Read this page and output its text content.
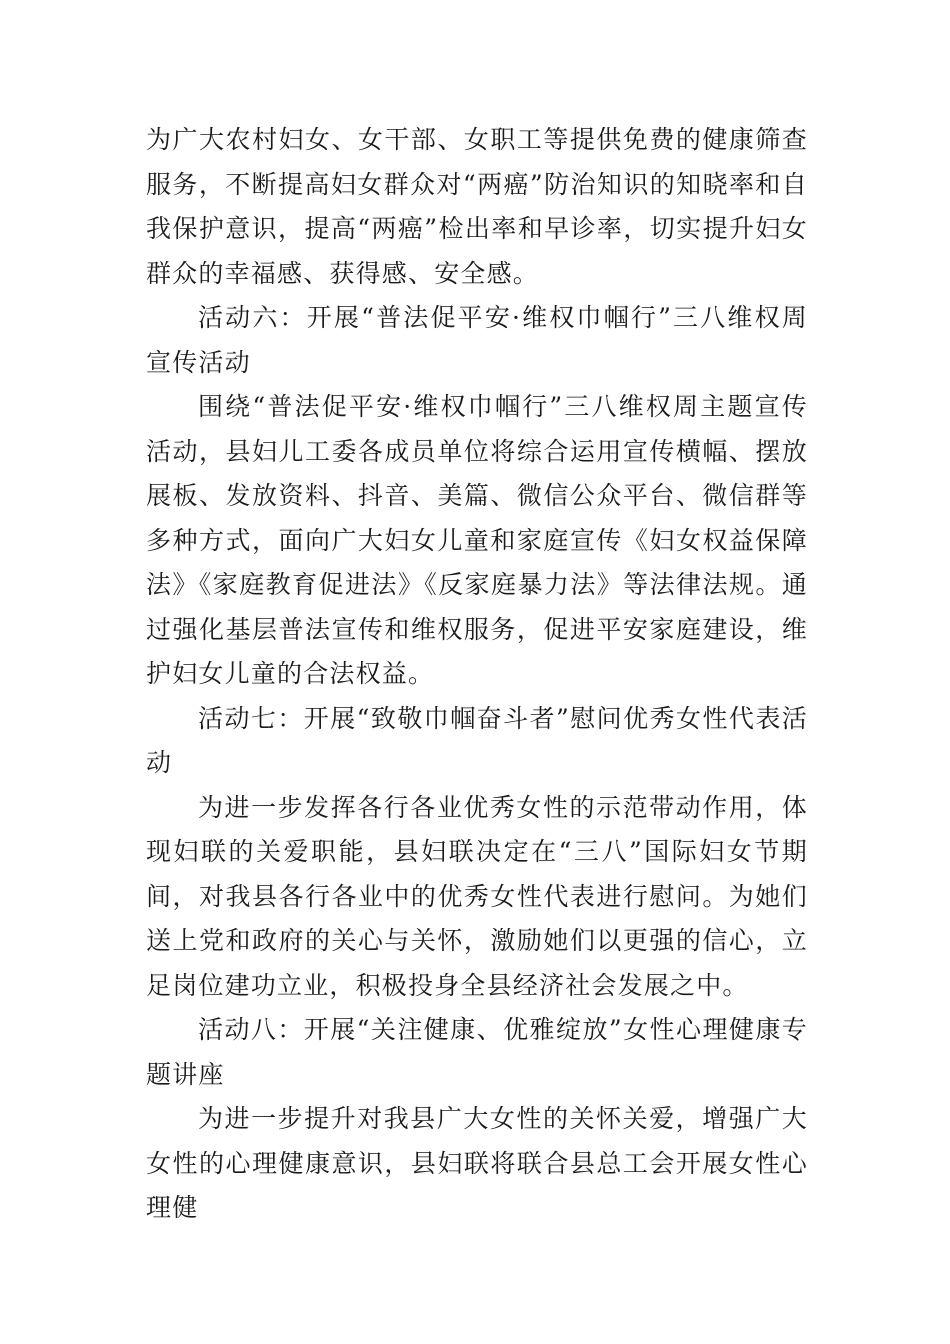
为广大农村妇女、女干部、女职工等提供免费的健康筛查服务，不断提高妇女群众对“两癌”防治知识的知晓率和自我保护意识，提高“两癌”检出率和早诊率，切实提升妇女群众的幸福感、获得感、安全感。

活动六：开展“普法促平安·维权巾帼行”三八维权周宣传活动

围绕“普法促平安·维权巾帼行”三八维权周主题宣传活动，县妇儿工委各成员单位将综合运用宣传横幅、摆放展板、发放资料、抖音、美篇、微信公众平台、微信群等多种方式，面向广大妇女儿童和家庭宣传《妇女权益保障法》《家庭教育促进法》《反家庭暴力法》等法律法规。通过强化基层普法宣传和维权服务，促进平安家庭建设，维护妇女儿童的合法权益。

活动七：开展“致敬巾帼奋斗者”慰问优秀女性代表活动

为进一步发挥各行各业优秀女性的示范带动作用，体现妇联的关爱职能，县妇联决定在“三八”国际妇女节期间，对我县各行各业中的优秀女性代表进行慰问。为她们送上党和政府的关心与关怀，激励她们以更强的信心，立足岗位建功立业，积极投身全县经济社会发展之中。

活动八：开展“关注健康、优雅绽放”女性心理健康专题讲座

为进一步提升对我县广大女性的关怀关爱，增强广大女性的心理健康意识，县妇联将联合县总工会开展女性心理健
